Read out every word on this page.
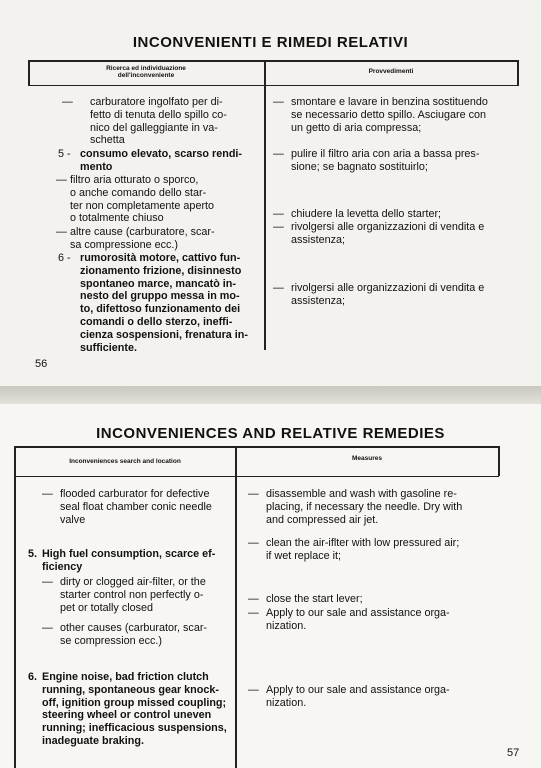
INCONVENIENTI E RIMEDI RELATIVI
Ricerca ed individuazione
dell'inconveniente
Provvedimenti
— carburatore ingolfato per di-
fetto di tenuta dello spillo co-
nico del galleggiante in va-
schetta
5 - consumo elevato, scarso rendi-
mento
— filtro aria otturato o sporco,
o anche comando dello star-
ter non completamente aperto
o totalmente chiuso
— altre cause (carburatore, scar-
sa compressione ecc.)
6 - rumorosità motore, cattivo fun-
zionamento frizione, disinnesto
spontaneo marce, mancatò in-
nesto del gruppo messa in mo-
to, difettoso funzionamento dei
comandi o dello sterzo, ineffi-
cienza sospensioni, frenatura in-
sufficiente.
— smontare e lavare in benzina sostituendo
se necessario detto spillo. Asciugare con
un getto di aria compressa;
— pulire il filtro aria con aria a bassa pres-
sione; se bagnato sostituirlo;
— chiudere la levetta dello starter;
— rivolgersi alle organizzazioni di vendita e
assistenza;
— rivolgersi alle organizzazioni di vendita e
assistenza;
56
INCONVENIENCES AND RELATIVE REMEDIES
Inconveniences search and location	Measures
— flooded carburator for defective
seal float chamber conic needle
valve
5. High fuel consumption, scarce ef-
ficiency
— dirty or clogged air-filter, or the
starter control non perfectly o-
pet or totally closed
— other causes (carburator, scar-
se compression ecc.)
6. Engine noise, bad friction clutch
running, spontaneous gear knock-
off, ignition group missed coupling;
steering wheel or control uneven
running; inefficacious suspensions,
inadeguate braking.
— disassemble and wash with gasoline re-
placing, if necessary the needle. Dry with
and compressed air jet.
— clean the air-iflter with low pressured air;
if wet replace it;
— close the start lever;
— Apply to our sale and assistance orga-
nization.
— Apply to our sale and assistance orga-
nization.
57
